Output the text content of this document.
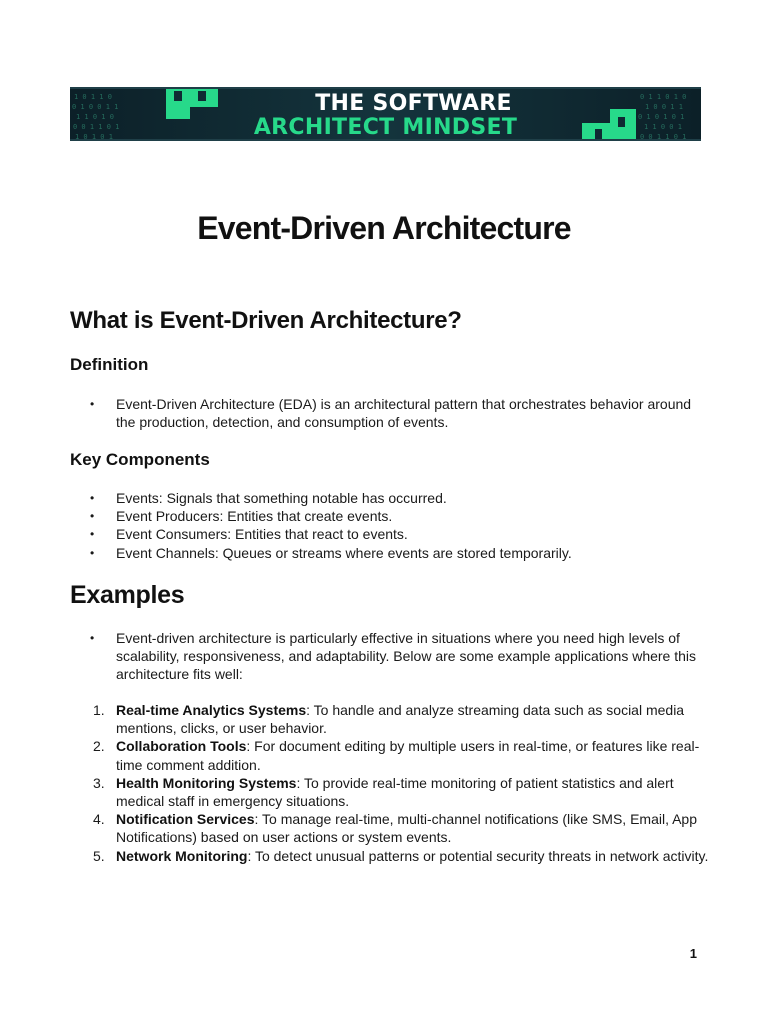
1 0 1 1 0
0 1 0 0 1 1
1 1 0 1 0
0 0 1 1 0 1
1 0 1 0 1
0 1 1 0 1 0
1 0 0 1 1
0 1 0 1 0 1
1 1 0 0 1
0 0 1 1 0 1
THE SOFTWARE
ARCHITECT MINDSET
Event-Driven Architecture
What is Event-Driven Architecture?
Definition
• Event-Driven Architecture (EDA) is an architectural pattern that orchestrates behavior around the production, detection, and consumption of events.
Key Components
• Events: Signals that something notable has occurred.
• Event Producers: Entities that create events.
• Event Consumers: Entities that react to events.
• Event Channels: Queues or streams where events are stored temporarily.
Examples
• Event-driven architecture is particularly effective in situations where you need high levels of scalability, responsiveness, and adaptability. Below are some example applications where this architecture fits well:
1. Real-time Analytics Systems: To handle and analyze streaming data such as social media mentions, clicks, or user behavior.
2. Collaboration Tools: For document editing by multiple users in real-time, or features like real-time comment addition.
3. Health Monitoring Systems: To provide real-time monitoring of patient statistics and alert medical staff in emergency situations.
4. Notification Services: To manage real-time, multi-channel notifications (like SMS, Email, App Notifications) based on user actions or system events.
5. Network Monitoring: To detect unusual patterns or potential security threats in network activity.
1
